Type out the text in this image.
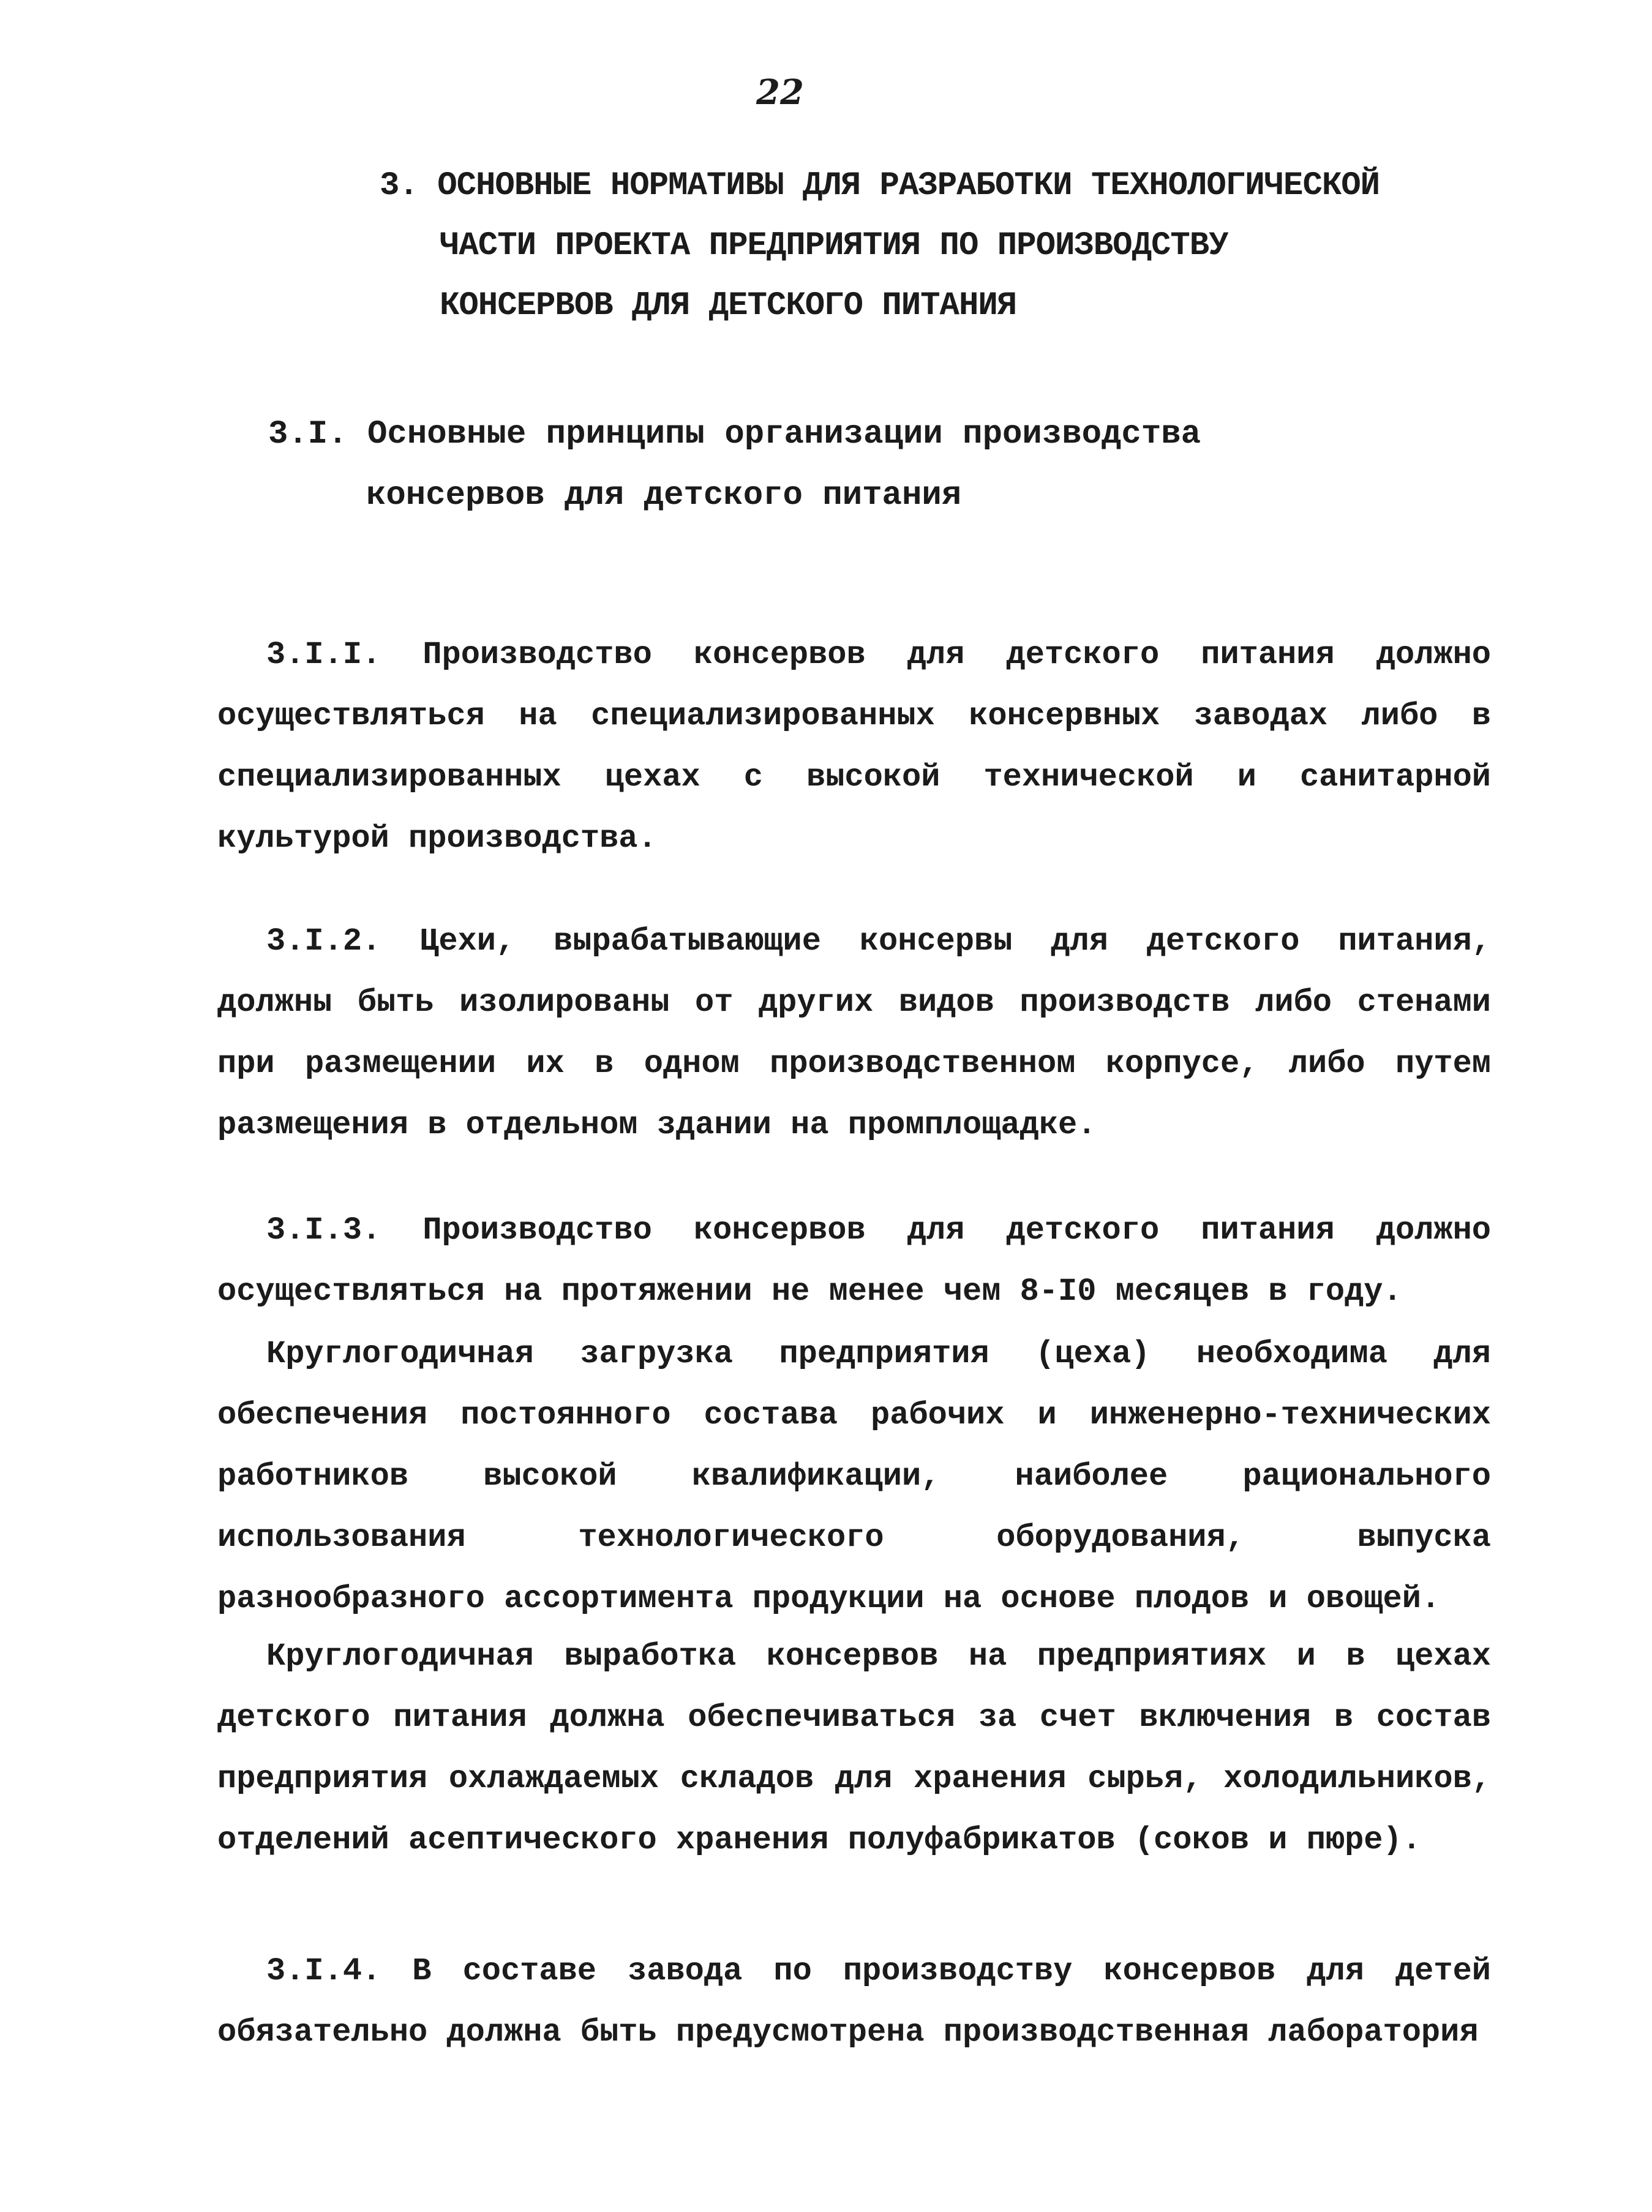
22
3. ОСНОВНЫЕ НОРМАТИВЫ ДЛЯ РАЗРАБОТКИ ТЕХНОЛОГИЧЕСКОЙ
ЧАСТИ ПРОЕКТА ПРЕДПРИЯТИЯ ПО ПРОИЗВОДСТВУ
КОНСЕРВОВ ДЛЯ ДЕТСКОГО ПИТАНИЯ
3.I. Основные принципы организации производства
консервов для детского питания

3.I.I. Производство консервов для детского питания должно осуществляться на специализированных консервных заводах либо в специализированных цехах с высокой технической и санитарной культурой производства.

3.I.2. Цехи, вырабатывающие консервы для детского питания, должны быть изолированы от других видов производств либо стенами при размещении их в одном производственном корпусе, либо путем размещения в отдельном здании на промплощадке.

3.I.3. Производство консервов для детского питания должно осуществляться на протяжении не менее чем 8-I0 месяцев в году.

Круглогодичная загрузка предприятия (цеха) необходима для обеспечения постоянного состава рабочих и инженерно-технических работников высокой квалификации, наиболее рационального использования технологического оборудования, выпуска разнообразного ассортимента продукции на основе плодов и овощей.

Круглогодичная выработка консервов на предприятиях и в цехах детского питания должна обеспечиваться за счет включения в состав предприятия охлаждаемых складов для хранения сырья, холодильников, отделений асептического хранения полуфабрикатов (соков и пюре).

3.I.4. В составе завода по производству консервов для детей обязательно должна быть предусмотрена производственная лаборатория
